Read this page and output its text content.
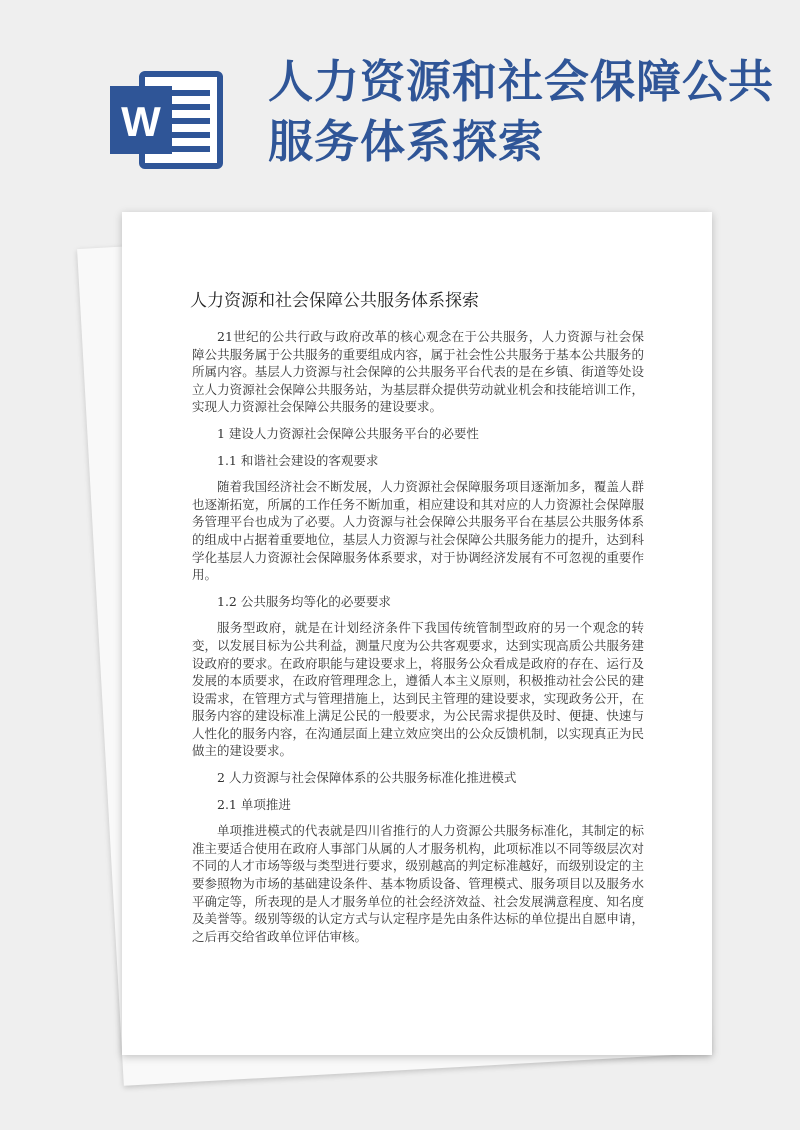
W
人力资源和社会保障公共服务体系探索
人力资源和社会保障公共服务体系探索

21世纪的公共行政与政府改革的核心观念在于公共服务，人力资源与社会保障公共服务属于公共服务的重要组成内容，属于社会性公共服务于基本公共服务的所属内容。基层人力资源与社会保障的公共服务平台代表的是在乡镇、街道等处设立人力资源社会保障公共服务站，为基层群众提供劳动就业机会和技能培训工作，实现人力资源社会保障公共服务的建设要求。

1 建设人力资源社会保障公共服务平台的必要性
1.1 和谐社会建设的客观要求

随着我国经济社会不断发展，人力资源社会保障服务项目逐渐加多，覆盖人群也逐渐拓宽，所属的工作任务不断加重，相应建设和其对应的人力资源社会保障服务管理平台也成为了必要。人力资源与社会保障公共服务平台在基层公共服务体系的组成中占据着重要地位，基层人力资源与社会保障公共服务能力的提升，达到科学化基层人力资源社会保障服务体系要求，对于协调经济发展有不可忽视的重要作用。

1.2 公共服务均等化的必要要求

服务型政府，就是在计划经济条件下我国传统管制型政府的另一个观念的转变，以发展目标为公共利益，测量尺度为公共客观要求，达到实现高质公共服务建设政府的要求。在政府职能与建设要求上，将服务公众看成是政府的存在、运行及发展的本质要求，在政府管理理念上，遵循人本主义原则，积极推动社会公民的建设需求，在管理方式与管理措施上，达到民主管理的建设要求，实现政务公开，在服务内容的建设标准上满足公民的一般要求，为公民需求提供及时、便捷、快速与人性化的服务内容，在沟通层面上建立效应突出的公众反馈机制，以实现真正为民做主的建设要求。

2 人力资源与社会保障体系的公共服务标准化推进模式
2.1 单项推进

单项推进模式的代表就是四川省推行的人力资源公共服务标准化，其制定的标准主要适合使用在政府人事部门从属的人才服务机构，此项标准以不同等级层次对不同的人才市场等级与类型进行要求，级别越高的判定标准越好，而级别设定的主要参照物为市场的基础建设条件、基本物质设备、管理模式、服务项目以及服务水平确定等，所表现的是人才服务单位的社会经济效益、社会发展满意程度、知名度及美誉等。级别等级的认定方式与认定程序是先由条件达标的单位提出自愿申请，之后再交给省政单位评估审核。
